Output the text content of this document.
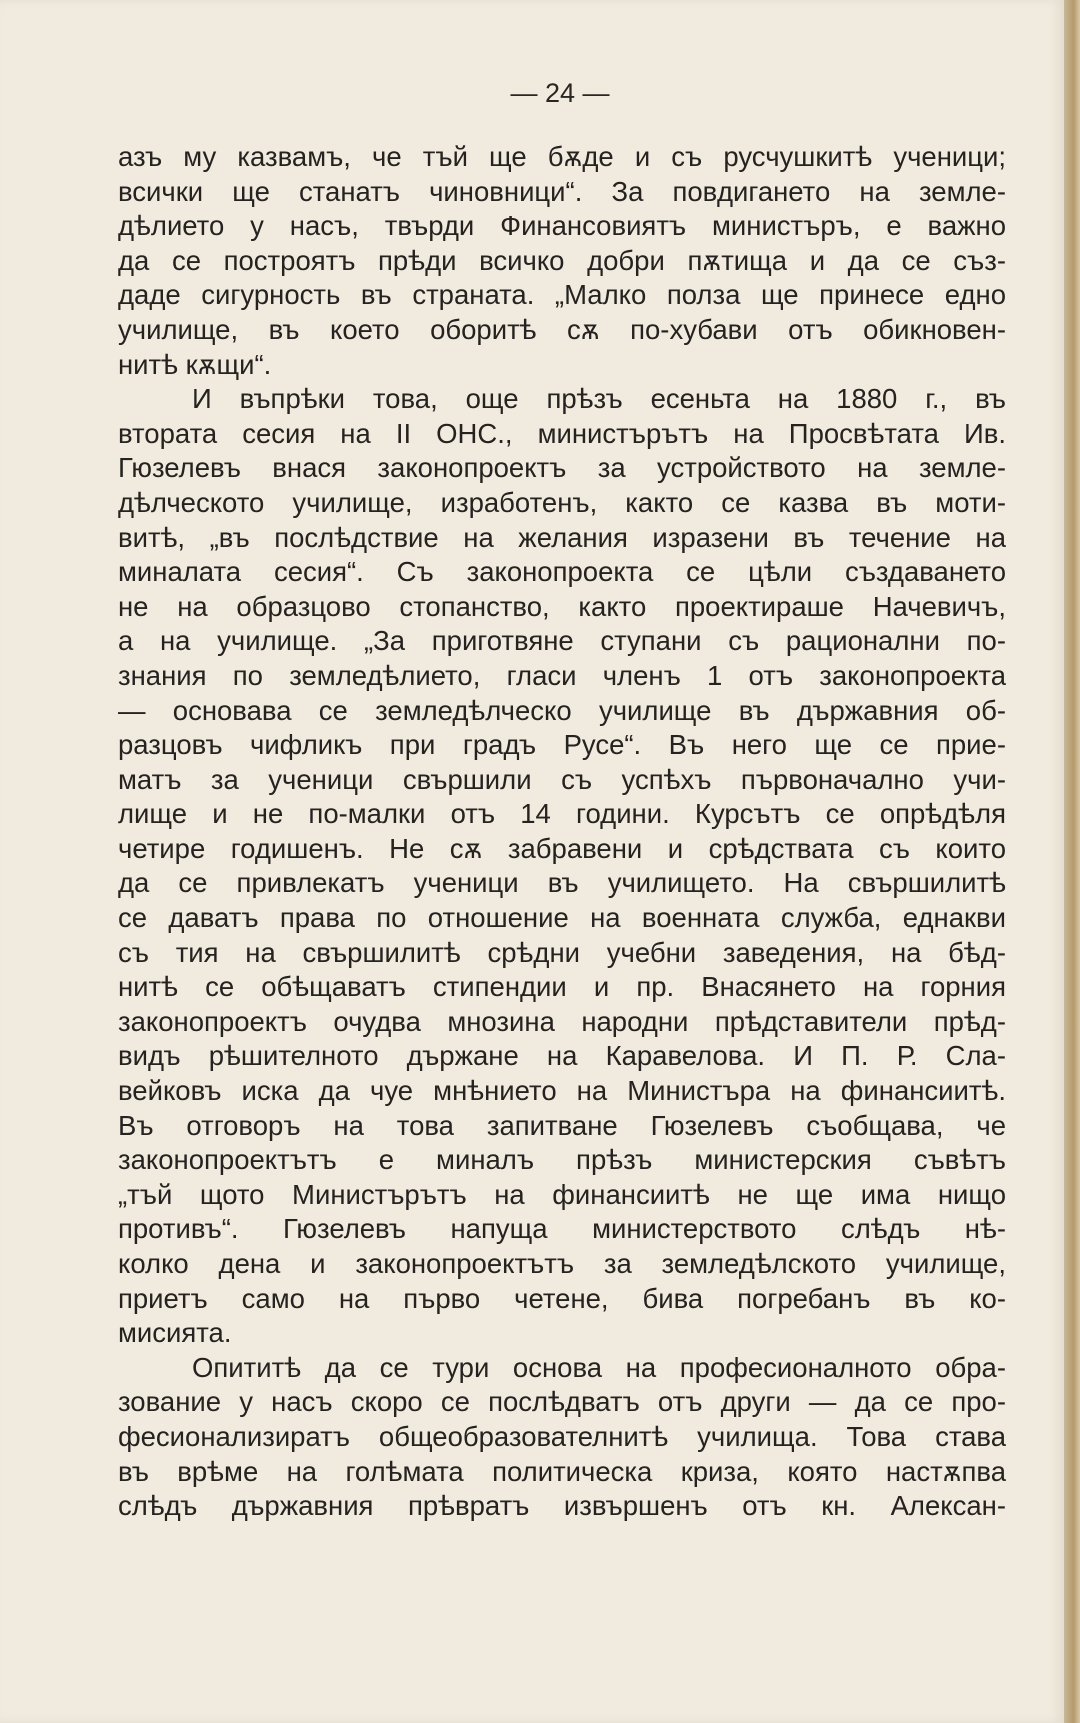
— 24 —
азъ му казвамъ, че тъй ще бѫде и съ русчушкитѣ ученици;
всички ще станатъ чиновници“. За повдигането на земле-
дѣлието у насъ, твърди Финансовиятъ министъръ, е важно
да се построятъ прѣди всичко добри пѫтища и да се съз-
даде сигурность въ страната. „Малко полза ще принесе едно
училище, въ което оборитѣ сѫ по-хубави отъ обикновен-
нитѣ кѫщи“.
И въпрѣки това, още прѣзъ есеньта на 1880 г., въ
втората сесия на II ОНС., министърътъ на Просвѣтата Ив.
Гюзелевъ внася законопроектъ за устройството на земле-
дѣлческото училище, изработенъ, както се казва въ моти-
витѣ, „въ послѣдствие на желания изразени въ течение на
миналата сесия“. Съ законопроекта се цѣли създаването
не на образцово стопанство, както проектираше Начевичъ,
а на училище. „За приготвяне ступани съ рационални по-
знания по земледѣлието, гласи членъ 1 отъ законопроекта
— основава се земледѣлческо училище въ държавния об-
разцовъ чифликъ при градъ Русе“. Въ него ще се прие-
матъ за ученици свършили съ успѣхъ първоначално учи-
лище и не по-малки отъ 14 години. Курсътъ се опрѣдѣля
четире годишенъ. Не сѫ забравени и срѣдствата съ които
да се привлекатъ ученици въ училището. На свършилитѣ
се даватъ права по отношение на военната служба, еднакви
съ тия на свършилитѣ срѣдни учебни заведения, на бѣд-
нитѣ се обѣщаватъ стипендии и пр. Внасянето на горния
законопроектъ очудва мнозина народни прѣдставители прѣд-
видъ рѣшителното държане на Каравелова. И П. Р. Сла-
вейковъ иска да чуе мнѣнието на Министъра на финансиитѣ.
Въ отговоръ на това запитване Гюзелевъ съобщава, че
законопроектътъ е миналъ прѣзъ министерския съвѣтъ
„тъй щото Министърътъ на финансиитѣ не ще има нищо
противъ“. Гюзелевъ напуща министерството слѣдъ нѣ-
колко дена и законопроектътъ за земледѣлското училище,
приетъ само на първо четене, бива погребанъ въ ко-
мисията.
Опититѣ да се тури основа на професионалното обра-
зование у насъ скоро се послѣдватъ отъ други — да се про-
фесионализиратъ общеобразователнитѣ училища. Това става
въ врѣме на голѣмата политическа криза, която настѫпва
слѣдъ държавния прѣвратъ извършенъ отъ кн. Алексан-
